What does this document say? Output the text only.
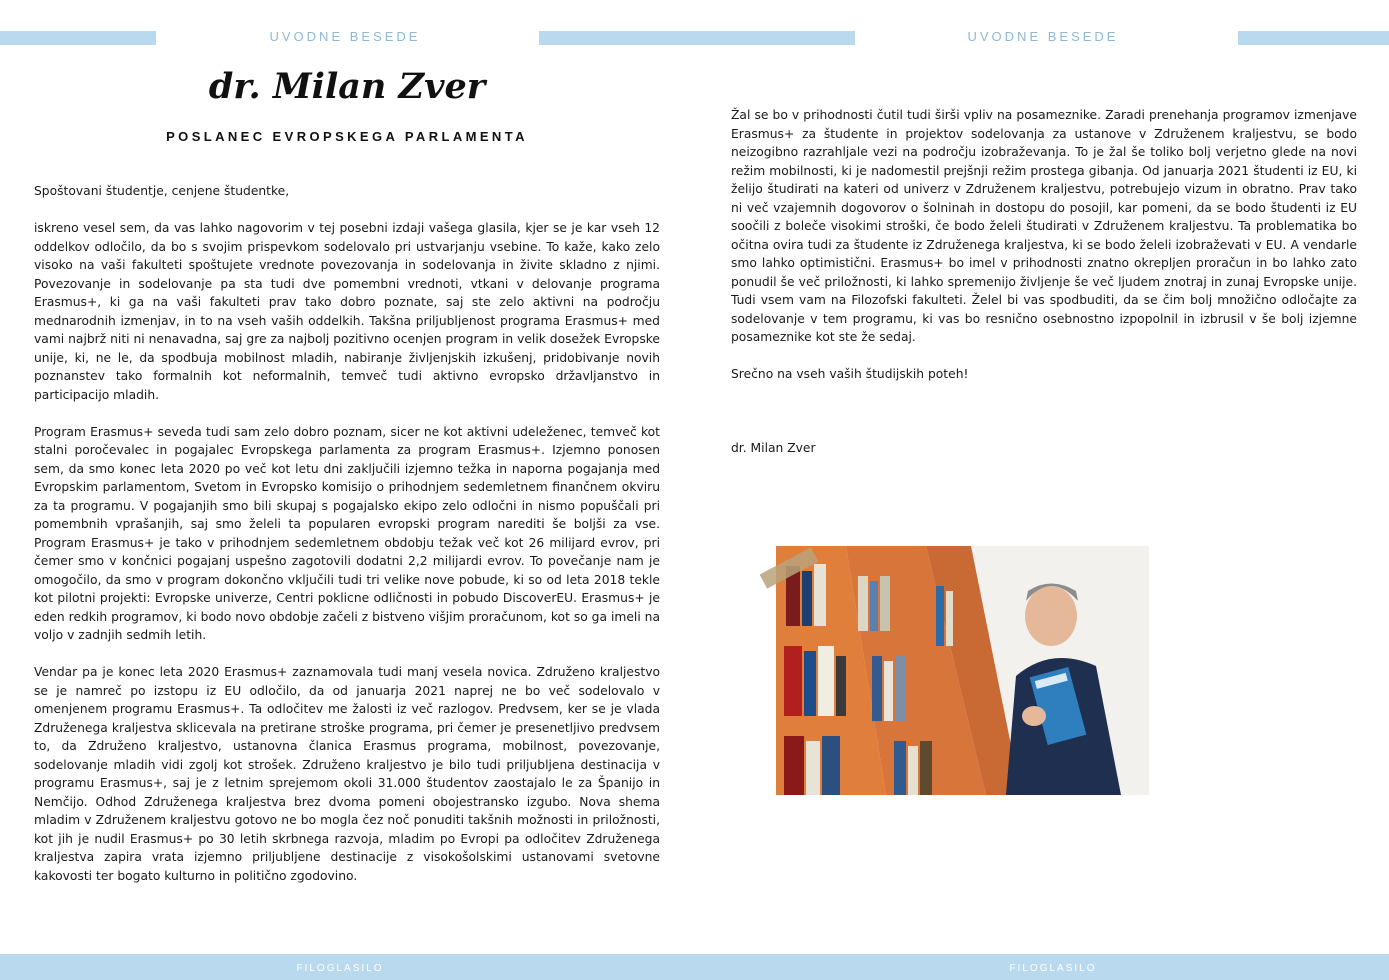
UVODNE BESEDE	UVODNE BESEDE
dr. Milan Zver
POSLANEC EVROPSKEGA PARLAMENTA

Spoštovani študentje, cenjene študentke,

iskreno vesel sem, da vas lahko nagovorim v tej posebni izdaji vašega glasila, kjer se je kar vseh 12 oddelkov odločilo, da bo s svojim prispevkom sodelovalo pri ustvarjanju vsebine. To kaže, kako zelo visoko na vaši fakulteti spoštujete vrednote povezovanja in sodelovanja in živite skladno z njimi. Povezovanje in sodelovanje pa sta tudi dve pomembni vrednoti, vtkani v delovanje programa Erasmus+, ki ga na vaši fakulteti prav tako dobro poznate, saj ste zelo aktivni na področju mednarodnih izmenjav, in to na vseh vaših oddelkih. Takšna priljubljenost programa Erasmus+ med vami najbrž niti ni nenavadna, saj gre za najbolj pozitivno ocenjen program in velik dosežek Evropske unije, ki, ne le, da spodbuja mobilnost mladih, nabiranje življenjskih izkušenj, pridobivanje novih poznanstev tako formalnih kot neformalnih, temveč tudi aktivno evropsko državljanstvo in participacijo mladih.

Program Erasmus+ seveda tudi sam zelo dobro poznam, sicer ne kot aktivni udeleženec, temveč kot stalni poročevalec in pogajalec Evropskega parlamenta za program Erasmus+. Izjemno ponosen sem, da smo konec leta 2020 po več kot letu dni zaključili izjemno težka in naporna pogajanja med Evropskim parlamentom, Svetom in Evropsko komisijo o prihodnjem sedemletnem finančnem okviru za ta programu. V pogajanjih smo bili skupaj s pogajalsko ekipo zelo odločni in nismo popuščali pri pomembnih vprašanjih, saj smo želeli ta popularen evropski program narediti še boljši za vse. Program Erasmus+ je tako v prihodnjem sedemletnem obdobju težak več kot 26 milijard evrov, pri čemer smo v končnici pogajanj uspešno zagotovili dodatni 2,2 milijardi evrov. To povečanje nam je omogočilo, da smo v program dokončno vključili tudi tri velike nove pobude, ki so od leta 2018 tekle kot pilotni projekti: Evropske univerze, Centri poklicne odličnosti in pobudo DiscoverEU. Erasmus+ je eden redkih programov, ki bodo novo obdobje začeli z bistveno višjim proračunom, kot so ga imeli na voljo v zadnjih sedmih letih.

Vendar pa je konec leta 2020 Erasmus+ zaznamovala tudi manj vesela novica. Združeno kraljestvo se je namreč po izstopu iz EU odločilo, da od januarja 2021 naprej ne bo več sodelovalo v omenjenem programu Erasmus+. Ta odločitev me žalosti iz več razlogov. Predvsem, ker se je vlada Združenega kraljestva sklicevala na pretirane stroške programa, pri čemer je presenetljivo predvsem to, da Združeno kraljestvo, ustanovna članica Erasmus programa, mobilnost, povezovanje, sodelovanje mladih vidi zgolj kot strošek. Združeno kraljestvo je bilo tudi priljubljena destinacija v programu Erasmus+, saj je z letnim sprejemom okoli 31.000 študentov zaostajalo le za Španijo in Nemčijo. Odhod Združenega kraljestva brez dvoma pomeni obojestransko izgubo. Nova shema mladim v Združenem kraljestvu gotovo ne bo mogla čez noč ponuditi takšnih možnosti in priložnosti, kot jih je nudil Erasmus+ po 30 letih skrbnega razvoja, mladim po Evropi pa odločitev Združenega kraljestva zapira vrata izjemno priljubljene destinacije z visokošolskimi ustanovami svetovne kakovosti ter bogato kulturno in politično zgodovino.

Žal se bo v prihodnosti čutil tudi širši vpliv na posameznike. Zaradi prenehanja programov izmenjave Erasmus+ za študente in projektov sodelovanja za ustanove v Združenem kraljestvu, se bodo neizogibno razrahljale vezi na področju izobraževanja. To je žal še toliko bolj verjetno glede na novi režim mobilnosti, ki je nadomestil prejšnji režim prostega gibanja. Od januarja 2021 študenti iz EU, ki želijo študirati na kateri od univerz v Združenem kraljestvu, potrebujejo vizum in obratno. Prav tako ni več vzajemnih dogovorov o šolninah in dostopu do posojil, kar pomeni, da se bodo študenti iz EU soočili z boleče visokimi stroški, če bodo želeli študirati v Združenem kraljestvu. Ta problematika bo očitna ovira tudi za študente iz Združenega kraljestva, ki se bodo želeli izobraževati v EU. A vendarle smo lahko optimistični. Erasmus+ bo imel v prihodnosti znatno okrepljen proračun in bo lahko zato ponudil še več priložnosti, ki lahko spremenijo življenje še več ljudem znotraj in zunaj Evropske unije. Tudi vsem vam na Filozofski fakulteti. Želel bi vas spodbuditi, da se čim bolj množično odločajte za sodelovanje v tem programu, ki vas bo resnično osebnostno izpopolnil in izbrusil v še bolj izjemne posameznike kot ste že sedaj.

Srečno na vseh vaših študijskih poteh!

dr. Milan Zver

FILOGLASILO	FILOGLASILO
